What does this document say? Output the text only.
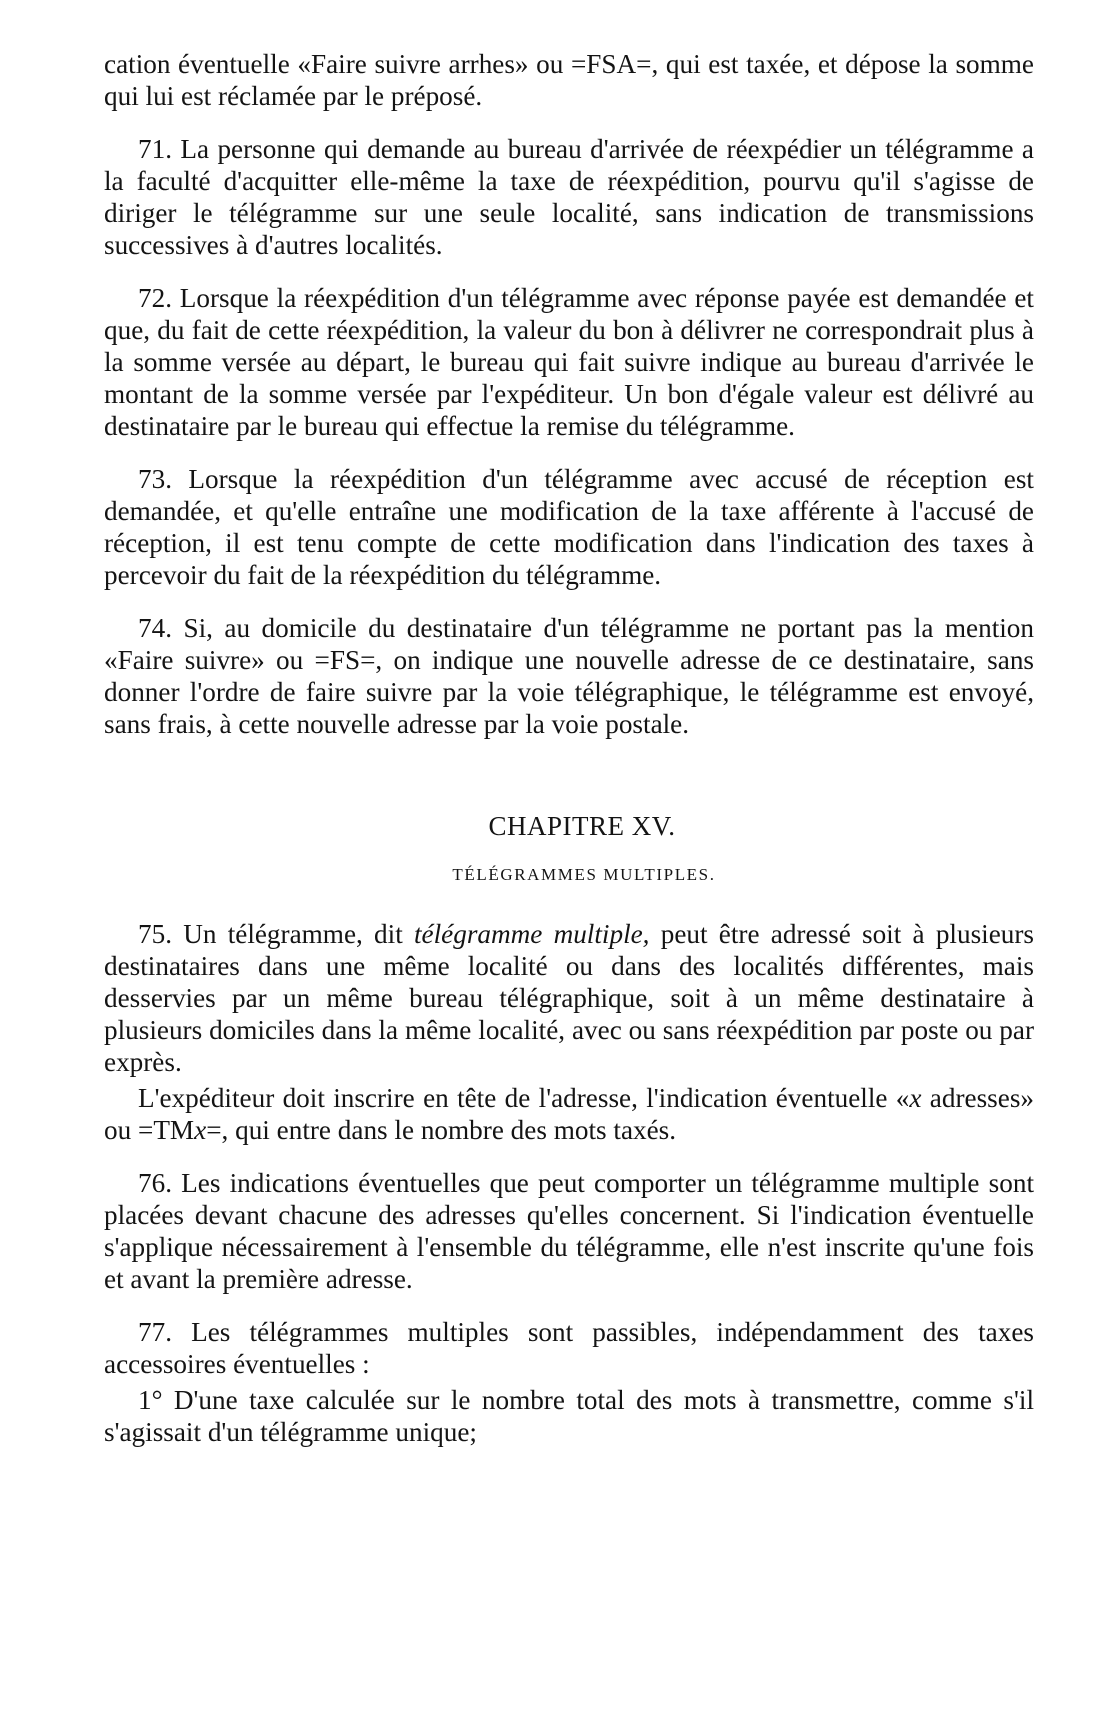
cation éventuelle «Faire suivre arrhes» ou =FSA=, qui est taxée, et dépose la somme qui lui est réclamée par le préposé.

71. La personne qui demande au bureau d'arrivée de réexpédier un télégramme a la faculté d'acquitter elle-même la taxe de réexpédition, pourvu qu'il s'agisse de diriger le télégramme sur une seule localité, sans indication de transmissions successives à d'autres localités.

72. Lorsque la réexpédition d'un télégramme avec réponse payée est demandée et que, du fait de cette réexpédition, la valeur du bon à délivrer ne correspondrait plus à la somme versée au départ, le bureau qui fait suivre indique au bureau d'arrivée le montant de la somme versée par l'expéditeur. Un bon d'égale valeur est délivré au destinataire par le bureau qui effectue la remise du télégramme.

73. Lorsque la réexpédition d'un télégramme avec accusé de réception est demandée, et qu'elle entraîne une modification de la taxe afférente à l'accusé de réception, il est tenu compte de cette modification dans l'indication des taxes à percevoir du fait de la réexpédition du télégramme.

74. Si, au domicile du destinataire d'un télégramme ne portant pas la mention «Faire suivre» ou =FS=, on indique une nouvelle adresse de ce destinataire, sans donner l'ordre de faire suivre par la voie télégraphique, le télégramme est envoyé, sans frais, à cette nouvelle adresse par la voie postale.

CHAPITRE XV.
TÉLÉGRAMMES MULTIPLES.

75. Un télégramme, dit télégramme multiple, peut être adressé soit à plusieurs destinataires dans une même localité ou dans des localités différentes, mais desservies par un même bureau télégraphique, soit à un même destinataire à plusieurs domiciles dans la même localité, avec ou sans réexpédition par poste ou par exprès.

L'expéditeur doit inscrire en tête de l'adresse, l'indication éventuelle «x adresses» ou =TMx=, qui entre dans le nombre des mots taxés.

76. Les indications éventuelles que peut comporter un télégramme multiple sont placées devant chacune des adresses qu'elles concernent. Si l'indication éventuelle s'applique nécessairement à l'ensemble du télégramme, elle n'est inscrite qu'une fois et avant la première adresse.

77. Les télégrammes multiples sont passibles, indépendamment des taxes accessoires éventuelles :

1° D'une taxe calculée sur le nombre total des mots à transmettre, comme s'il s'agissait d'un télégramme unique;
